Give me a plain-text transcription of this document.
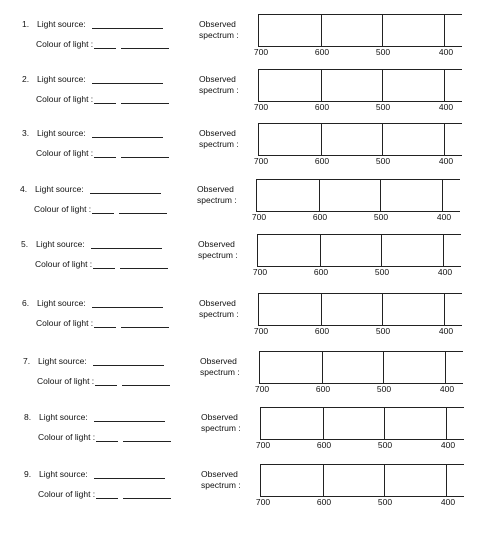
1. Light source:
Colour of light :
Observed
spectrum :
700	600	500	400
2. Light source:
Colour of light :
Observed
spectrum :
700	600	500	400
3. Light source:
Colour of light :
Observed
spectrum :
700	600	500	400
4. Light source:
Colour of light :
Observed
spectrum :
700	600	500	400
5. Light source:
Colour of light :
Observed
spectrum :
700	600	500	400
6. Light source:
Colour of light :
Observed
spectrum :
700	600	500	400
7. Light source:
Colour of light :
Observed
spectrum :
700	600	500	400
8. Light source:
Colour of light :
Observed
spectrum :
700	600	500	400
9. Light source:
Colour of light :
Observed
spectrum :
700	600	500	400
